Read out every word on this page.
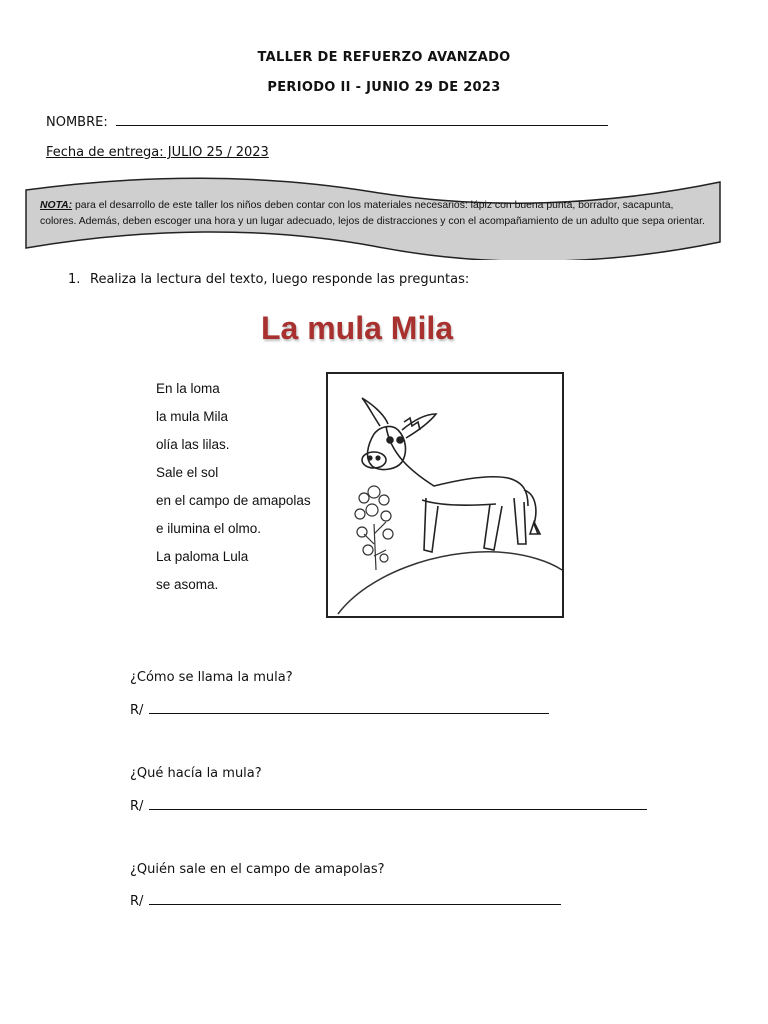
TALLER DE REFUERZO AVANZADO
PERIODO II - JUNIO 29 DE 2023
NOMBRE:
Fecha de entrega: JULIO 25 / 2023
NOTA: para el desarrollo de este taller los niños deben contar con los materiales necesarios: lápiz con buena punta, borrador, sacapunta, colores. Además, deben escoger una hora y un lugar adecuado, lejos de distracciones y con el acompañamiento de un adulto que sepa orientar.
1. Realiza la lectura del texto, luego responde las preguntas:
La mula Mila
En la loma
la mula Mila
olía las lilas.
Sale el sol
en el campo de amapolas
e ilumina el olmo.
La paloma Lula
se asoma.
¿Cómo se llama la mula?
R/
¿Qué hacía la mula?
R/
¿Quién sale en el campo de amapolas?
R/
